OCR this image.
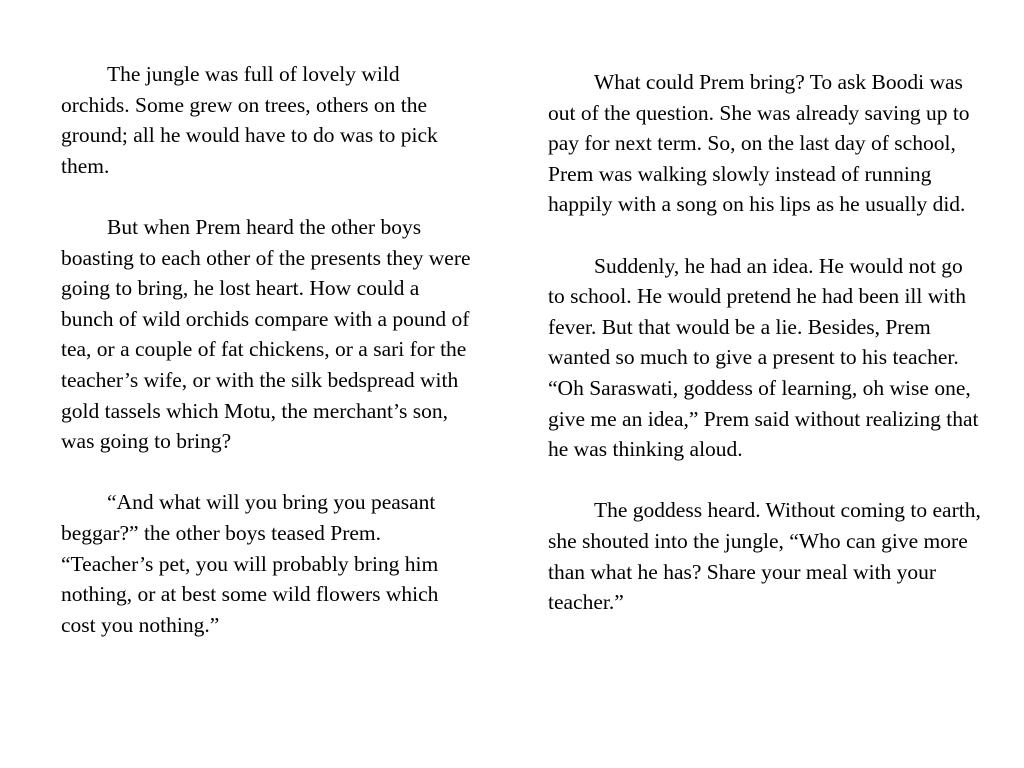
The jungle was full of lovely wild orchids. Some grew on trees, others on the ground; all he would have to do was to pick them.

But when Prem heard the other boys boasting to each other of the presents they were going to bring, he lost heart. How could a bunch of wild orchids compare with a pound of tea, or a couple of fat chickens, or a sari for the teacher’s wife, or with the silk bedspread with gold tassels which Motu, the merchant’s son, was going to bring?

“And what will you bring you peasant beggar?” the other boys teased Prem. “Teacher’s pet, you will probably bring him nothing, or at best some wild flowers which cost you nothing.”

What could Prem bring? To ask Boodi was out of the question. She was already saving up to pay for next term. So, on the last day of school, Prem was walking slowly instead of running happily with a song on his lips as he usually did.

Suddenly, he had an idea. He would not go to school. He would pretend he had been ill with fever. But that would be a lie. Besides, Prem wanted so much to give a present to his teacher. “Oh Saraswati, goddess of learning, oh wise one, give me an idea,” Prem said without realizing that he was thinking aloud.

The goddess heard. Without coming to earth, she shouted into the jungle, “Who can give more than what he has? Share your meal with your teacher.”
